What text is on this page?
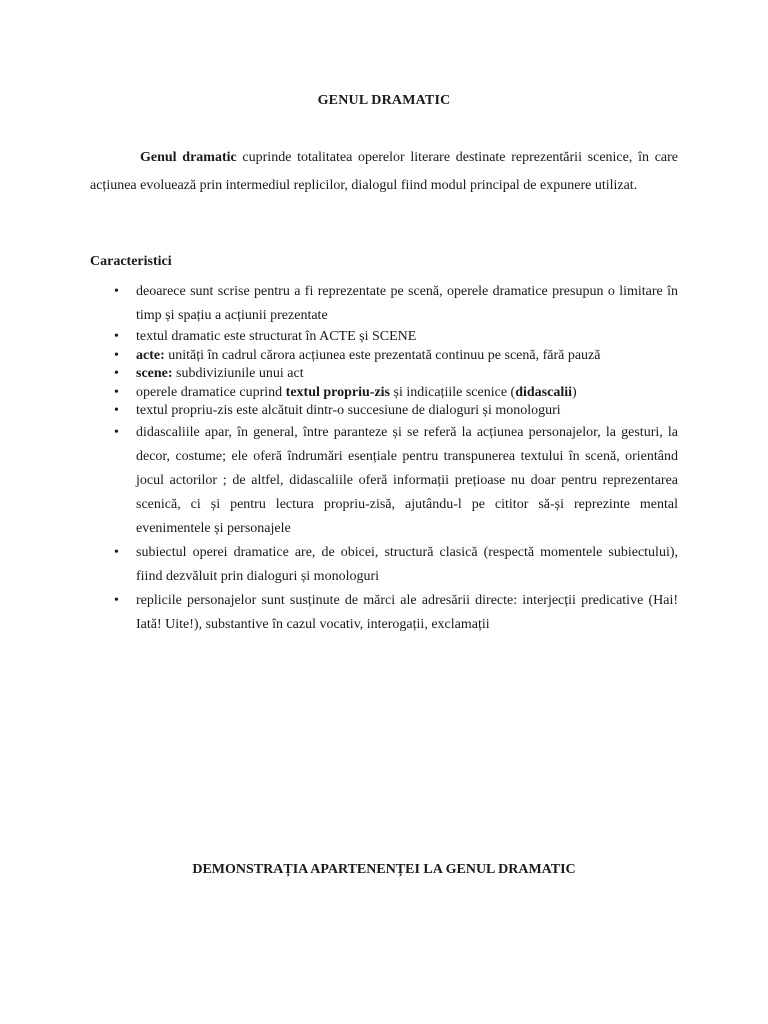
GENUL DRAMATIC

Genul dramatic cuprinde totalitatea operelor literare destinate reprezentării scenice, în care acțiunea evoluează prin intermediul replicilor, dialogul fiind modul principal de expunere utilizat.

Caracteristici
• deoarece sunt scrise pentru a fi reprezentate pe scenă, operele dramatice presupun o limitare în timp și spațiu a acțiunii prezentate
• textul dramatic este structurat în ACTE și SCENE
• acte: unități în cadrul cărora acțiunea este prezentată continuu pe scenă, fără pauză
• scene: subdiviziunile unui act
• operele dramatice cuprind textul propriu-zis și indicațiile scenice (didascalii)
• textul propriu-zis este alcătuit dintr-o succesiune de dialoguri și monologuri
• didascaliile apar, în general, între paranteze și se referă la acțiunea personajelor, la gesturi, la decor, costume; ele oferă îndrumări esențiale pentru transpunerea textului în scenă, orientând jocul actorilor ; de altfel, didascaliile oferă informații prețioase nu doar pentru reprezentarea scenică, ci și pentru lectura propriu-zisă, ajutându-l pe cititor să-și reprezinte mental evenimentele și personajele
• subiectul operei dramatice are, de obicei, structură clasică (respectă momentele subiectului), fiind dezvăluit prin dialoguri și monologuri
• replicile personajelor sunt susținute de mărci ale adresării directe: interjecții predicative (Hai! Iată! Uite!), substantive în cazul vocativ, interogații, exclamații
DEMONSTRAȚIA APARTENENȚEI LA GENUL DRAMATIC
